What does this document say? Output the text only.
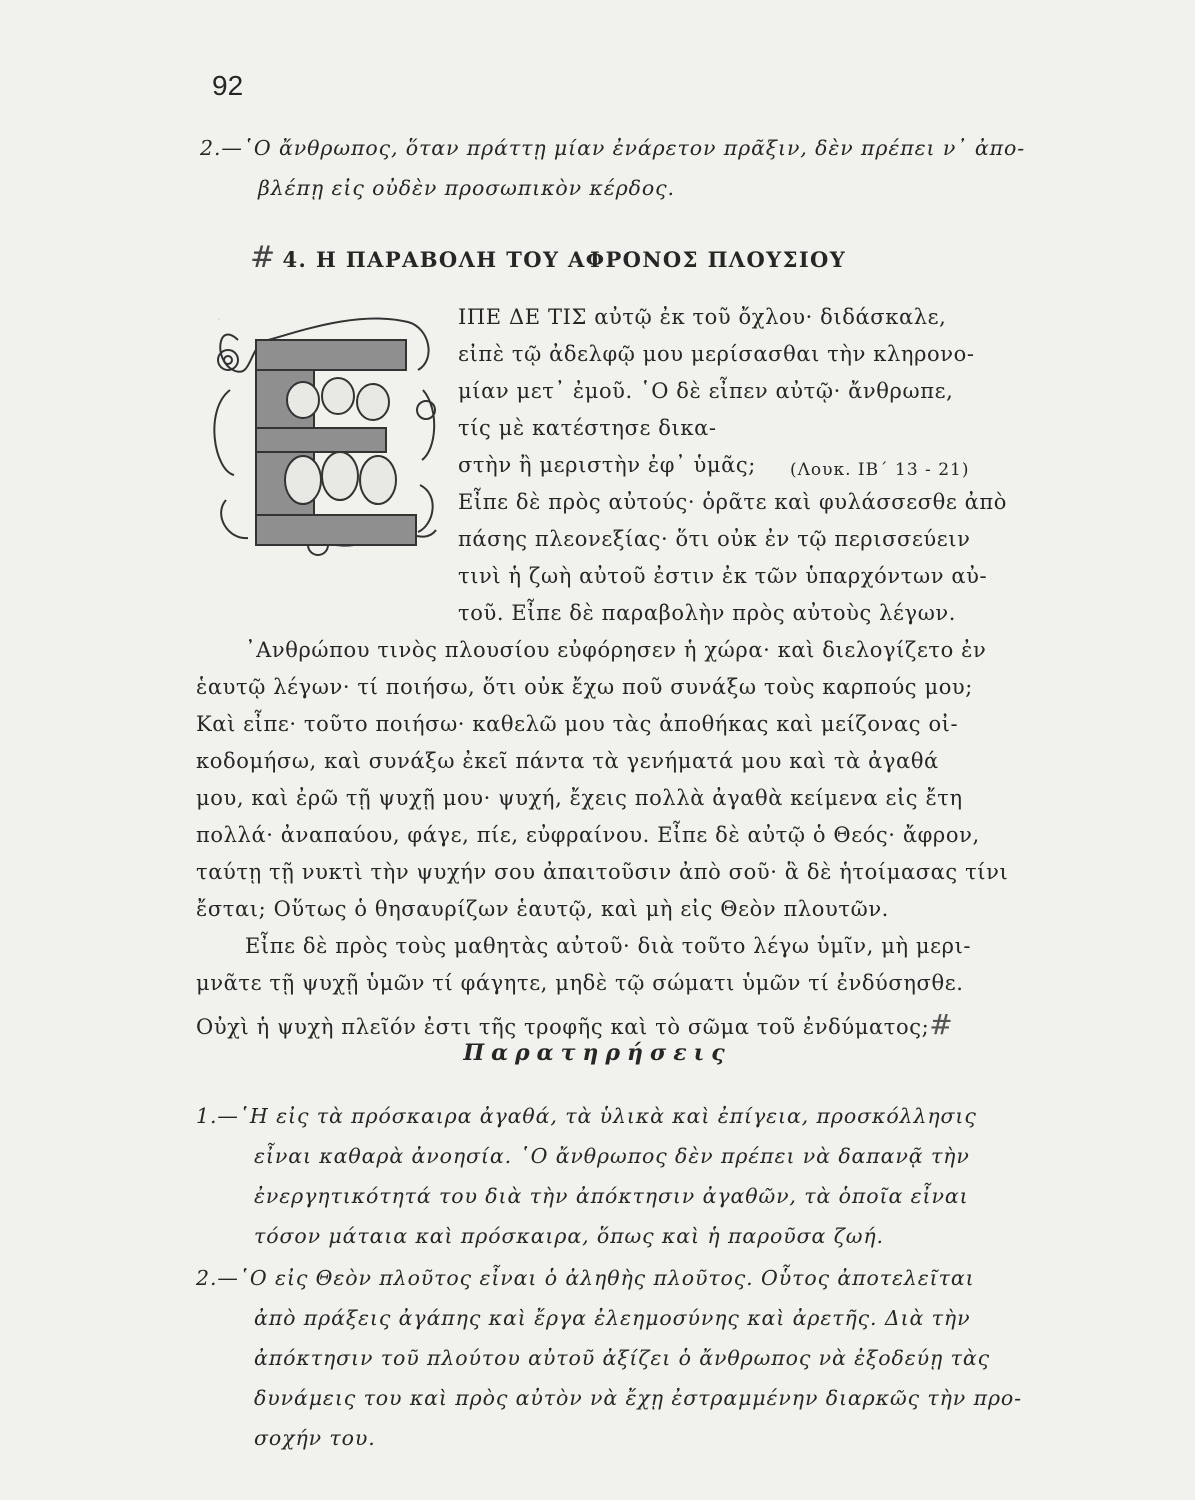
92
2.—῾Ο ἄνθρωπος, ὅταν πράττῃ μίαν ἐνάρετον πρᾶξιν, δὲν πρέπει ν᾽ ἀπο-
βλέπῃ εἰς οὐδὲν προσωπικὸν κέρδος.
# 4. Η ΠΑΡΑΒΟΛΗ ΤΟΥ ΑΦΡΟΝΟΣ ΠΛΟΥΣΙΟΥ
Ε	ΙΠΕ ΔΕ ΤΙΣ αὐτῷ ἐκ τοῦ ὄχλου· διδάσκαλε,
εἰπὲ τῷ ἀδελφῷ μου μερίσασθαι τὴν κληρονο-
μίαν μετ᾽ ἐμοῦ. ῾Ο δὲ εἶπεν αὐτῷ· ἄνθρωπε,
τίς μὲ κατέστησε δικα-
(Λουκ. ΙΒ΄ 13 - 21)
στὴν ἢ μεριστὴν ἐφ᾽ ὑμᾶς;
Εἶπε δὲ πρὸς αὐτούς· ὁρᾶτε καὶ φυλάσσεσθε ἀπὸ
πάσης πλεονεξίας· ὅτι οὐκ ἐν τῷ περισσεύειν
τινὶ ἡ ζωὴ αὐτοῦ ἐστιν ἐκ τῶν ὑπαρχόντων αὐ-
τοῦ. Εἶπε δὲ παραβολὴν πρὸς αὐτοὺς λέγων.
᾿Ανθρώπου τινὸς πλουσίου εὐφόρησεν ἡ χώρα· καὶ διελογίζετο ἐν
ἑαυτῷ λέγων· τί ποιήσω, ὅτι οὐκ ἔχω ποῦ συνάξω τοὺς καρπούς μου;
Καὶ εἶπε· τοῦτο ποιήσω· καθελῶ μου τὰς ἀποθήκας καὶ μείζονας οἰ-
κοδομήσω, καὶ συνάξω ἐκεῖ πάντα τὰ γενήματά μου καὶ τὰ ἀγαθά
μου, καὶ ἐρῶ τῇ ψυχῇ μου· ψυχή, ἔχεις πολλὰ ἀγαθὰ κείμενα εἰς ἔτη
πολλά· ἀναπαύου, φάγε, πίε, εὐφραίνου. Εἶπε δὲ αὐτῷ ὁ Θεός· ἄφρον,
ταύτῃ τῇ νυκτὶ τὴν ψυχήν σου ἀπαιτοῦσιν ἀπὸ σοῦ· ἃ δὲ ἡτοίμασας τίνι
ἔσται; Οὕτως ὁ θησαυρίζων ἑαυτῷ, καὶ μὴ εἰς Θεὸν πλουτῶν.
Εἶπε δὲ πρὸς τοὺς μαθητὰς αὐτοῦ· διὰ τοῦτο λέγω ὑμῖν, μὴ μερι-
μνᾶτε τῇ ψυχῇ ὑμῶν τί φάγητε, μηδὲ τῷ σώματι ὑμῶν τί ἐνδύσησθε.
Οὐχὶ ἡ ψυχὴ πλεῖόν ἐστι τῆς τροφῆς καὶ τὸ σῶμα τοῦ ἐνδύματος;#
Παρατηρήσεις
1.—῾Η εἰς τὰ πρόσκαιρα ἀγαθά, τὰ ὑλικὰ καὶ ἐπίγεια, προσκόλλησις
εἶναι καθαρὰ ἀνοησία. ῾Ο ἄνθρωπος δὲν πρέπει νὰ δαπανᾷ τὴν
ἐνεργητικότητά του διὰ τὴν ἀπόκτησιν ἀγαθῶν, τὰ ὁποῖα εἶναι
τόσον μάταια καὶ πρόσκαιρα, ὅπως καὶ ἡ παροῦσα ζωή.
2.—῾Ο εἰς Θεὸν πλοῦτος εἶναι ὁ ἀληθὴς πλοῦτος. Οὗτος ἀποτελεῖται
ἀπὸ πράξεις ἀγάπης καὶ ἔργα ἐλεημοσύνης καὶ ἀρετῆς. Διὰ τὴν
ἀπόκτησιν τοῦ πλούτου αὐτοῦ ἀξίζει ὁ ἄνθρωπος νὰ ἐξοδεύῃ τὰς
δυνάμεις του καὶ πρὸς αὐτὸν νὰ ἔχῃ ἐστραμμένην διαρκῶς τὴν προ-
σοχήν του.
